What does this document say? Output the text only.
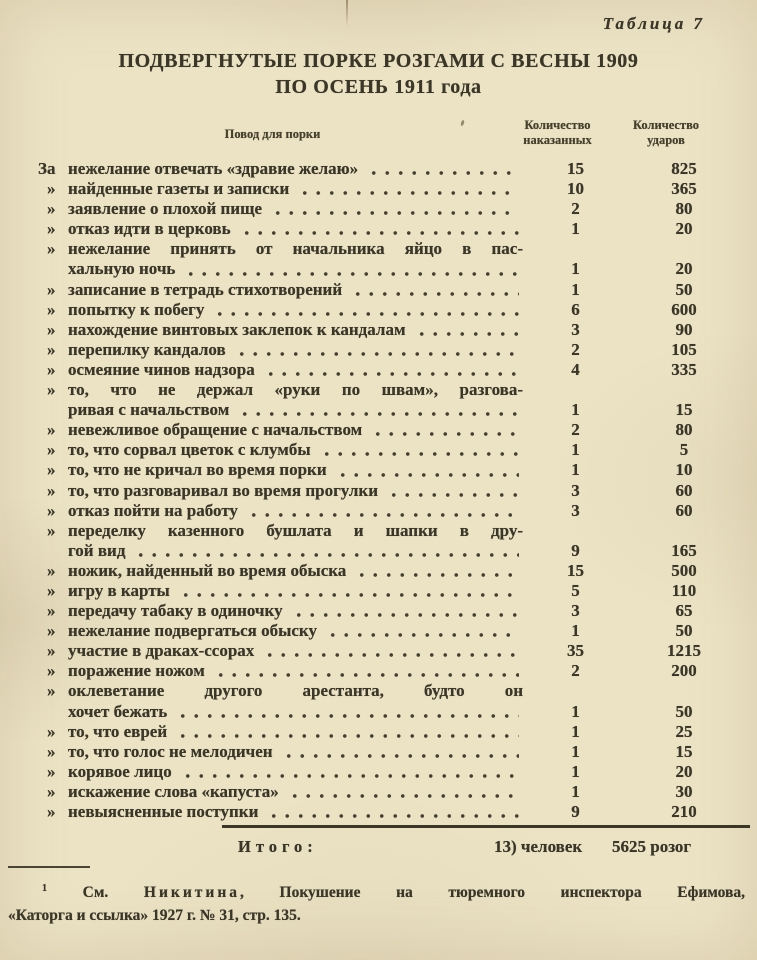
Таблица 7
ПОДВЕРГНУТЫЕ ПОРКЕ РОЗГАМИ С ВЕСНЫ 1909
ПО ОСЕНЬ 1911 года
Повод для порки
Количество
наказанных
Количество
ударов
За нежелание отвечать «здравие желаю»	15	825
» найденные газеты и записки	10	365
» заявление о плохой пище	2	80
» отказ идти в церковь	1	20
» нежелание принять от начальника яйцо в пас-
хальную ночь	1	20
» записание в тетрадь стихотворений	1	50
» попытку к побегу	6	600
» нахождение винтовых заклепок к кандалам	3	90
» перепилку кандалов	2	105
» осмеяние чинов надзора	4	335
» то, что не держал «руки по швам», разгова-
ривая с начальством	1	15
» невежливое обращение с начальством	2	80
» то, что сорвал цветок с клумбы	1	5
» то, что не кричал во время порки	1	10
» то, что разговаривал во время прогулки	3	60
» отказ пойти на работу	3	60
» переделку казенного бушлата и шапки в дру-
гой вид	9	165
» ножик, найденный во время обыска	15	500
» игру в карты	5	110
» передачу табаку в одиночку	3	65
» нежелание подвергаться обыску	1	50
» участие в драках-ссорах	35	1215
» поражение ножом	2	200
» оклеветание другого арестанта, будто он
хочет бежать	1	50
» то, что еврей	1	25
» то, что голос не мелодичен	1	15
» корявое лицо	1	20
» искажение слова «капуста»	1	30
» невыясненные поступки	9	210
Итого:	13) человек 5625 розог
$^1$ См. Никитина, Покушение на тюремного инспектора Ефимова,
«Каторга и ссылка» 1927 г. № 31, стр. 135.
